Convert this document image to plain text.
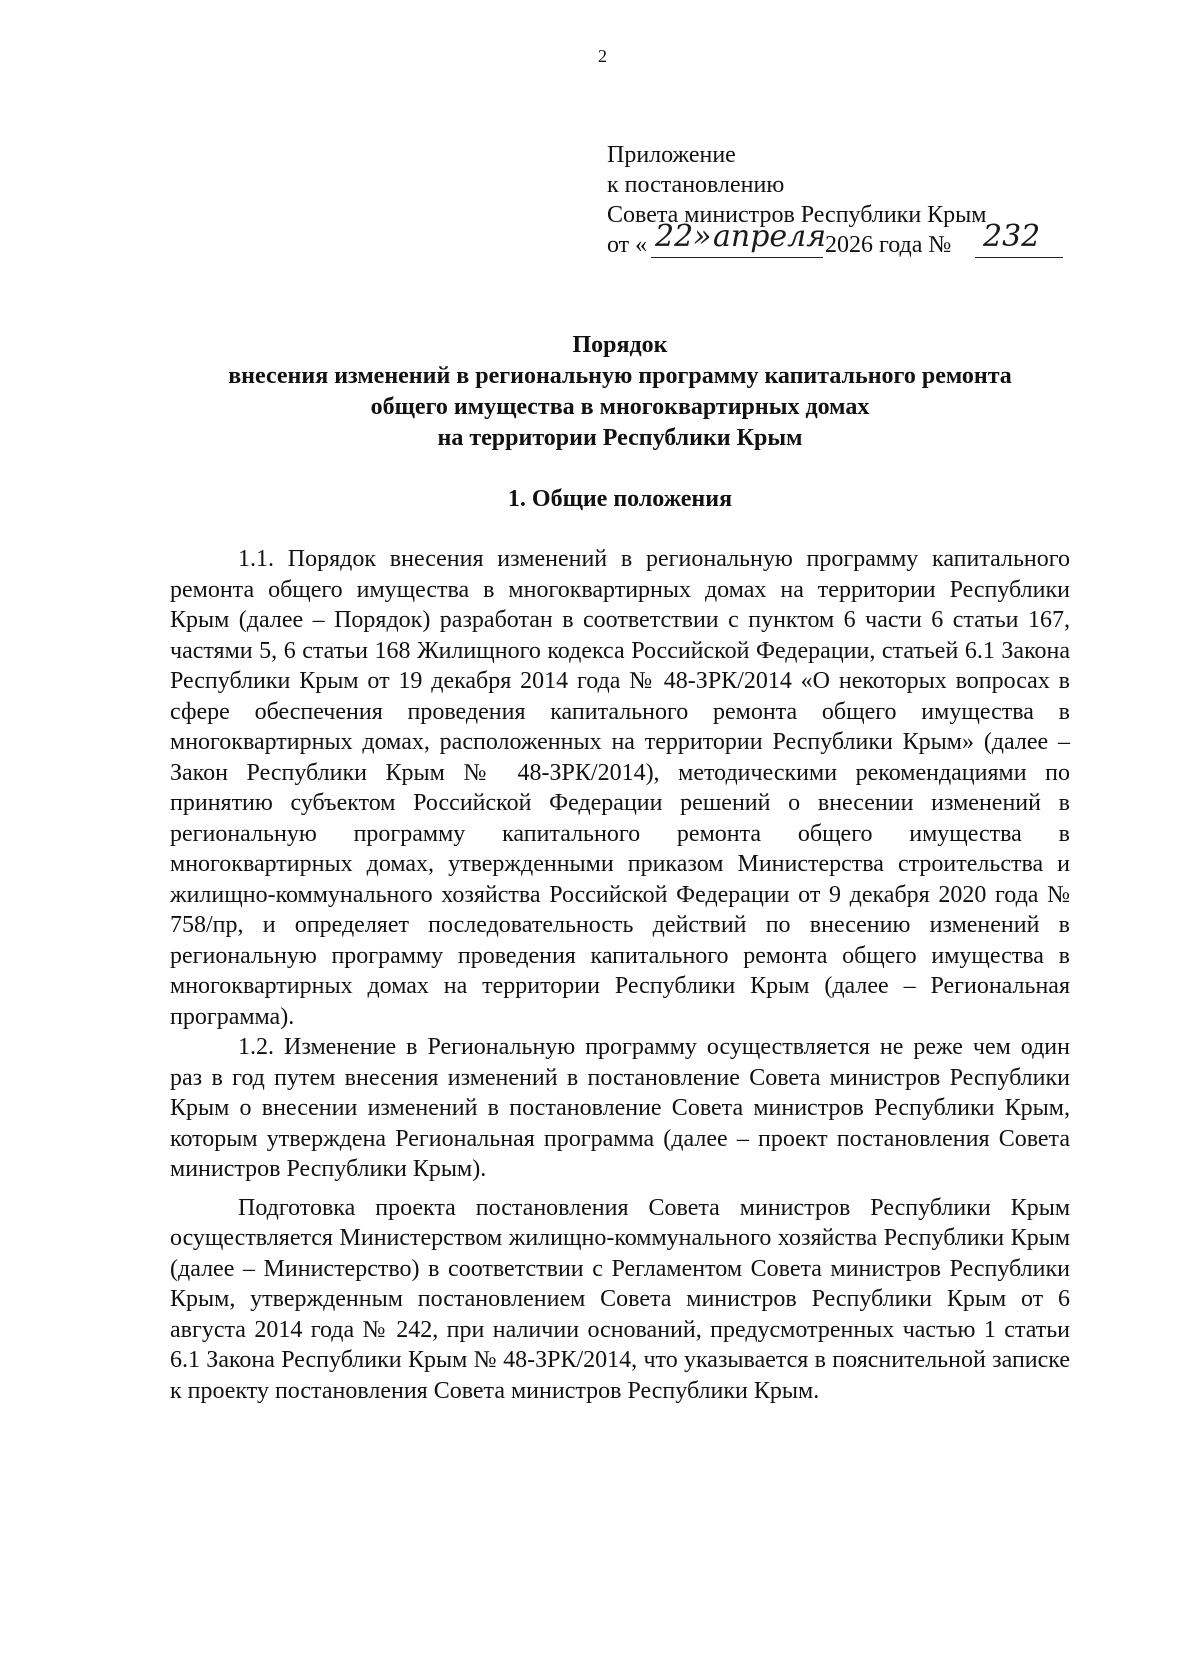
2
Приложение
к постановлению
Совета министров Республики Крым
от « 22» апреля
2026 года № 232
Порядок
внесения изменений в региональную программу капитального ремонта
общего имущества в многоквартирных домах
на территории Республики Крым
1. Общие положения

1.1. Порядок внесения изменений в региональную программу капитального ремонта общего имущества в многоквартирных домах на территории Республики Крым (далее – Порядок) разработан в соответствии с пунктом 6 части 6 статьи 167, частями 5, 6 статьи 168 Жилищного кодекса Российской Федерации, статьей 6.1 Закона Республики Крым от 19 декабря 2014 года № 48-ЗРК/2014 «О некоторых вопросах в сфере обеспечения проведения капитального ремонта общего имущества в многоквартирных домах, расположенных на территории Республики Крым» (далее – Закон Республики Крым № 48-ЗРК/2014), методическими рекомендациями по принятию субъектом Российской Федерации решений о внесении изменений в региональную программу капитального ремонта общего имущества в многоквартирных домах, утвержденными приказом Министерства строительства и жилищно-коммунального хозяйства Российской Федерации от 9 декабря 2020 года № 758/пр, и определяет последовательность действий по внесению изменений в региональную программу проведения капитального ремонта общего имущества в многоквартирных домах на территории Республики Крым (далее – Региональная программа).

1.2. Изменение в Региональную программу осуществляется не реже чем один раз в год путем внесения изменений в постановление Совета министров Республики Крым о внесении изменений в постановление Совета министров Республики Крым, которым утверждена Региональная программа (далее – проект постановления Совета министров Республики Крым).

Подготовка проекта постановления Совета министров Республики Крым осуществляется Министерством жилищно-коммунального хозяйства Республики Крым (далее – Министерство) в соответствии с Регламентом Совета министров Республики Крым, утвержденным постановлением Совета министров Республики Крым от 6 августа 2014 года № 242, при наличии оснований, предусмотренных частью 1 статьи 6.1 Закона Республики Крым № 48-ЗРК/2014, что указывается в пояснительной записке к проекту постановления Совета министров Республики Крым.
